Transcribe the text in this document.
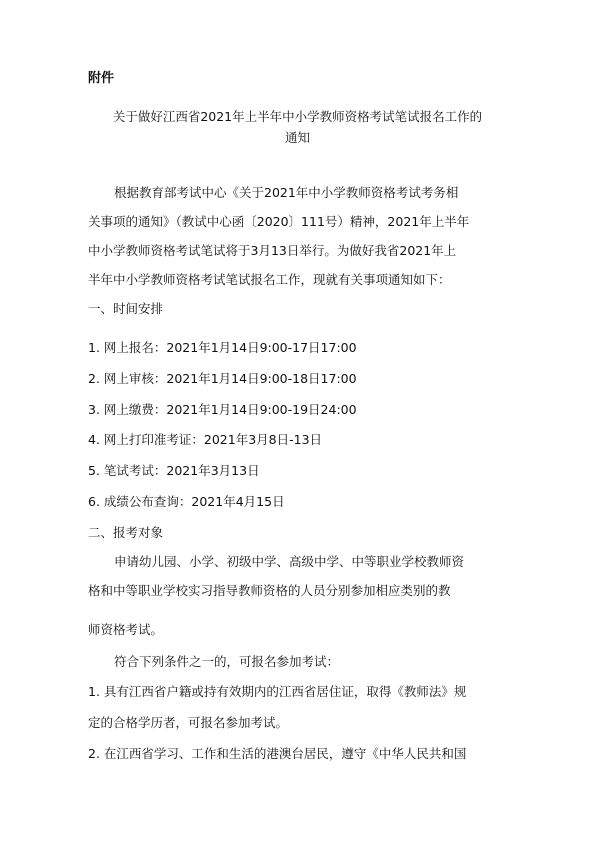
附件
关于做好江西省2021年上半年中小学教师资格考试笔试报名工作的
通知
根据教育部考试中心《关于2021年中小学教师资格考试考务相
关事项的通知》（教试中心函〔2020〕111号）精神，2021年上半年
中小学教师资格考试笔试将于3月13日举行。为做好我省2021年上
半年中小学教师资格考试笔试报名工作，现就有关事项通知如下：
一、时间安排
1. 网上报名：2021年1月14日9:00-17日17:00
2. 网上审核：2021年1月14日9:00-18日17:00
3. 网上缴费：2021年1月14日9:00-19日24:00
4. 网上打印准考证：2021年3月8日-13日
5. 笔试考试：2021年3月13日
6. 成绩公布查询：2021年4月15日
二、报考对象
申请幼儿园、小学、初级中学、高级中学、中等职业学校教师资
格和中等职业学校实习指导教师资格的人员分别参加相应类别的教
师资格考试。
符合下列条件之一的，可报名参加考试：
1. 具有江西省户籍或持有效期内的江西省居住证，取得《教师法》规
定的合格学历者，可报名参加考试。
2. 在江西省学习、工作和生活的港澳台居民，遵守《中华人民共和国
